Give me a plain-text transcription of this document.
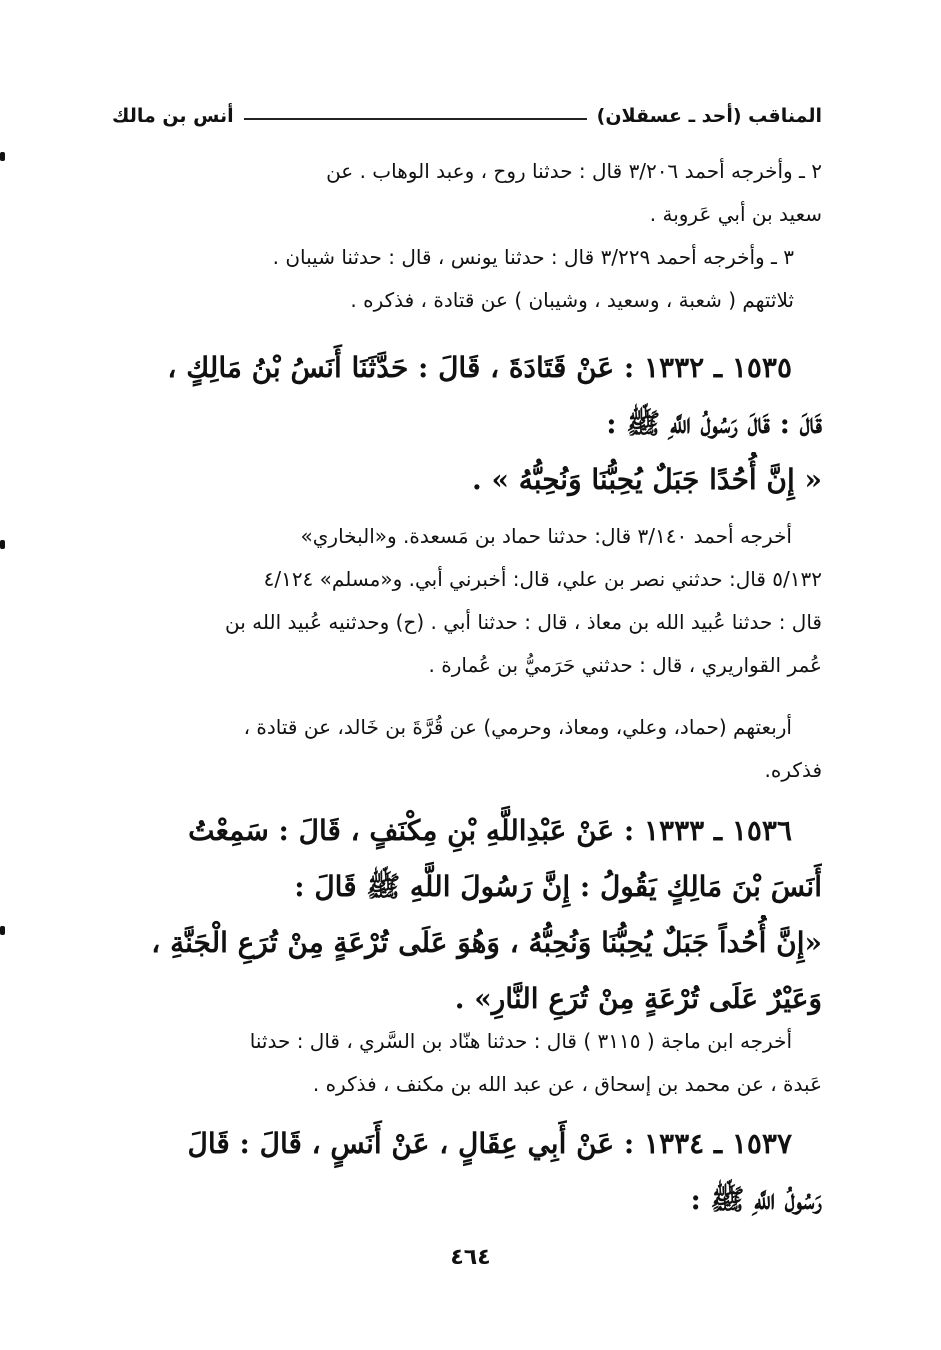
المناقب (أحد ـ عسقلان)
أنس بن مالك

٢ ـ وأخرجه أحمد ٣/٢٠٦ قال : حدثنا روح ، وعبد الوهاب . عن

سعيد بن أبي عَروبة .

٣ ـ وأخرجه أحمد ٣/٢٢٩ قال : حدثنا يونس ، قال : حدثنا شيبان .

ثلاثتهم ( شعبة ، وسعيد ، وشيبان ) عن قتادة ، فذكره .

١٥٣٥ ـ ١٣٣٢ : عَنْ قَتَادَةَ ، قَالَ : حَدَّثَنَا أَنَسُ بْنُ مَالِكٍ ،

قَالَ : قَالَ رَسُولُ اللَّهِ ﷺ :

« إِنَّ أُحُدًا جَبَلٌ يُحِبُّنَا وَنُحِبُّهُ » .

أخرجه أحمد ٣/١٤٠ قال: حدثنا حماد بن مَسعدة. و«البخاري»

٥/١٣٢ قال: حدثني نصر بن علي، قال: أخبرني أبي. و«مسلم» ٤/١٢٤

قال : حدثنا عُبيد الله بن معاذ ، قال : حدثنا أبي . (ح) وحدثنيه عُبيد الله بن

عُمر القواريري ، قال : حدثني حَرَميُّ بن عُمارة .

أربعتهم (حماد، وعلي، ومعاذ، وحرمي) عن قُرَّةَ بن خَالد، عن قتادة ،

فذكره.

١٥٣٦ ـ ١٣٣٣ : عَنْ عَبْدِاللَّهِ بْنِ مِكْنَفٍ ، قَالَ : سَمِعْتُ

أَنَسَ بْنَ مَالِكٍ يَقُولُ : إِنَّ رَسُولَ اللَّهِ ﷺ قَالَ :

«إِنَّ أُحُداً جَبَلٌ يُحِبُّنَا وَنُحِبُّهُ ، وَهُوَ عَلَى تُرْعَةٍ مِنْ تُرَعِ الْجَنَّةِ ،

وَعَيْرٌ عَلَى تُرْعَةٍ مِنْ تُرَعِ النَّارِ» .

أخرجه ابن ماجة ( ٣١١٥ ) قال : حدثنا هنّاد بن السَّري ، قال : حدثنا

عَبدة ، عن محمد بن إسحاق ، عن عبد الله بن مكنف ، فذكره .

١٥٣٧ ـ ١٣٣٤ : عَنْ أَبِي عِقَالٍ ، عَنْ أَنَسٍ ، قَالَ : قَالَ

رَسُولُ اللَّهِ ﷺ :

٤٦٤
